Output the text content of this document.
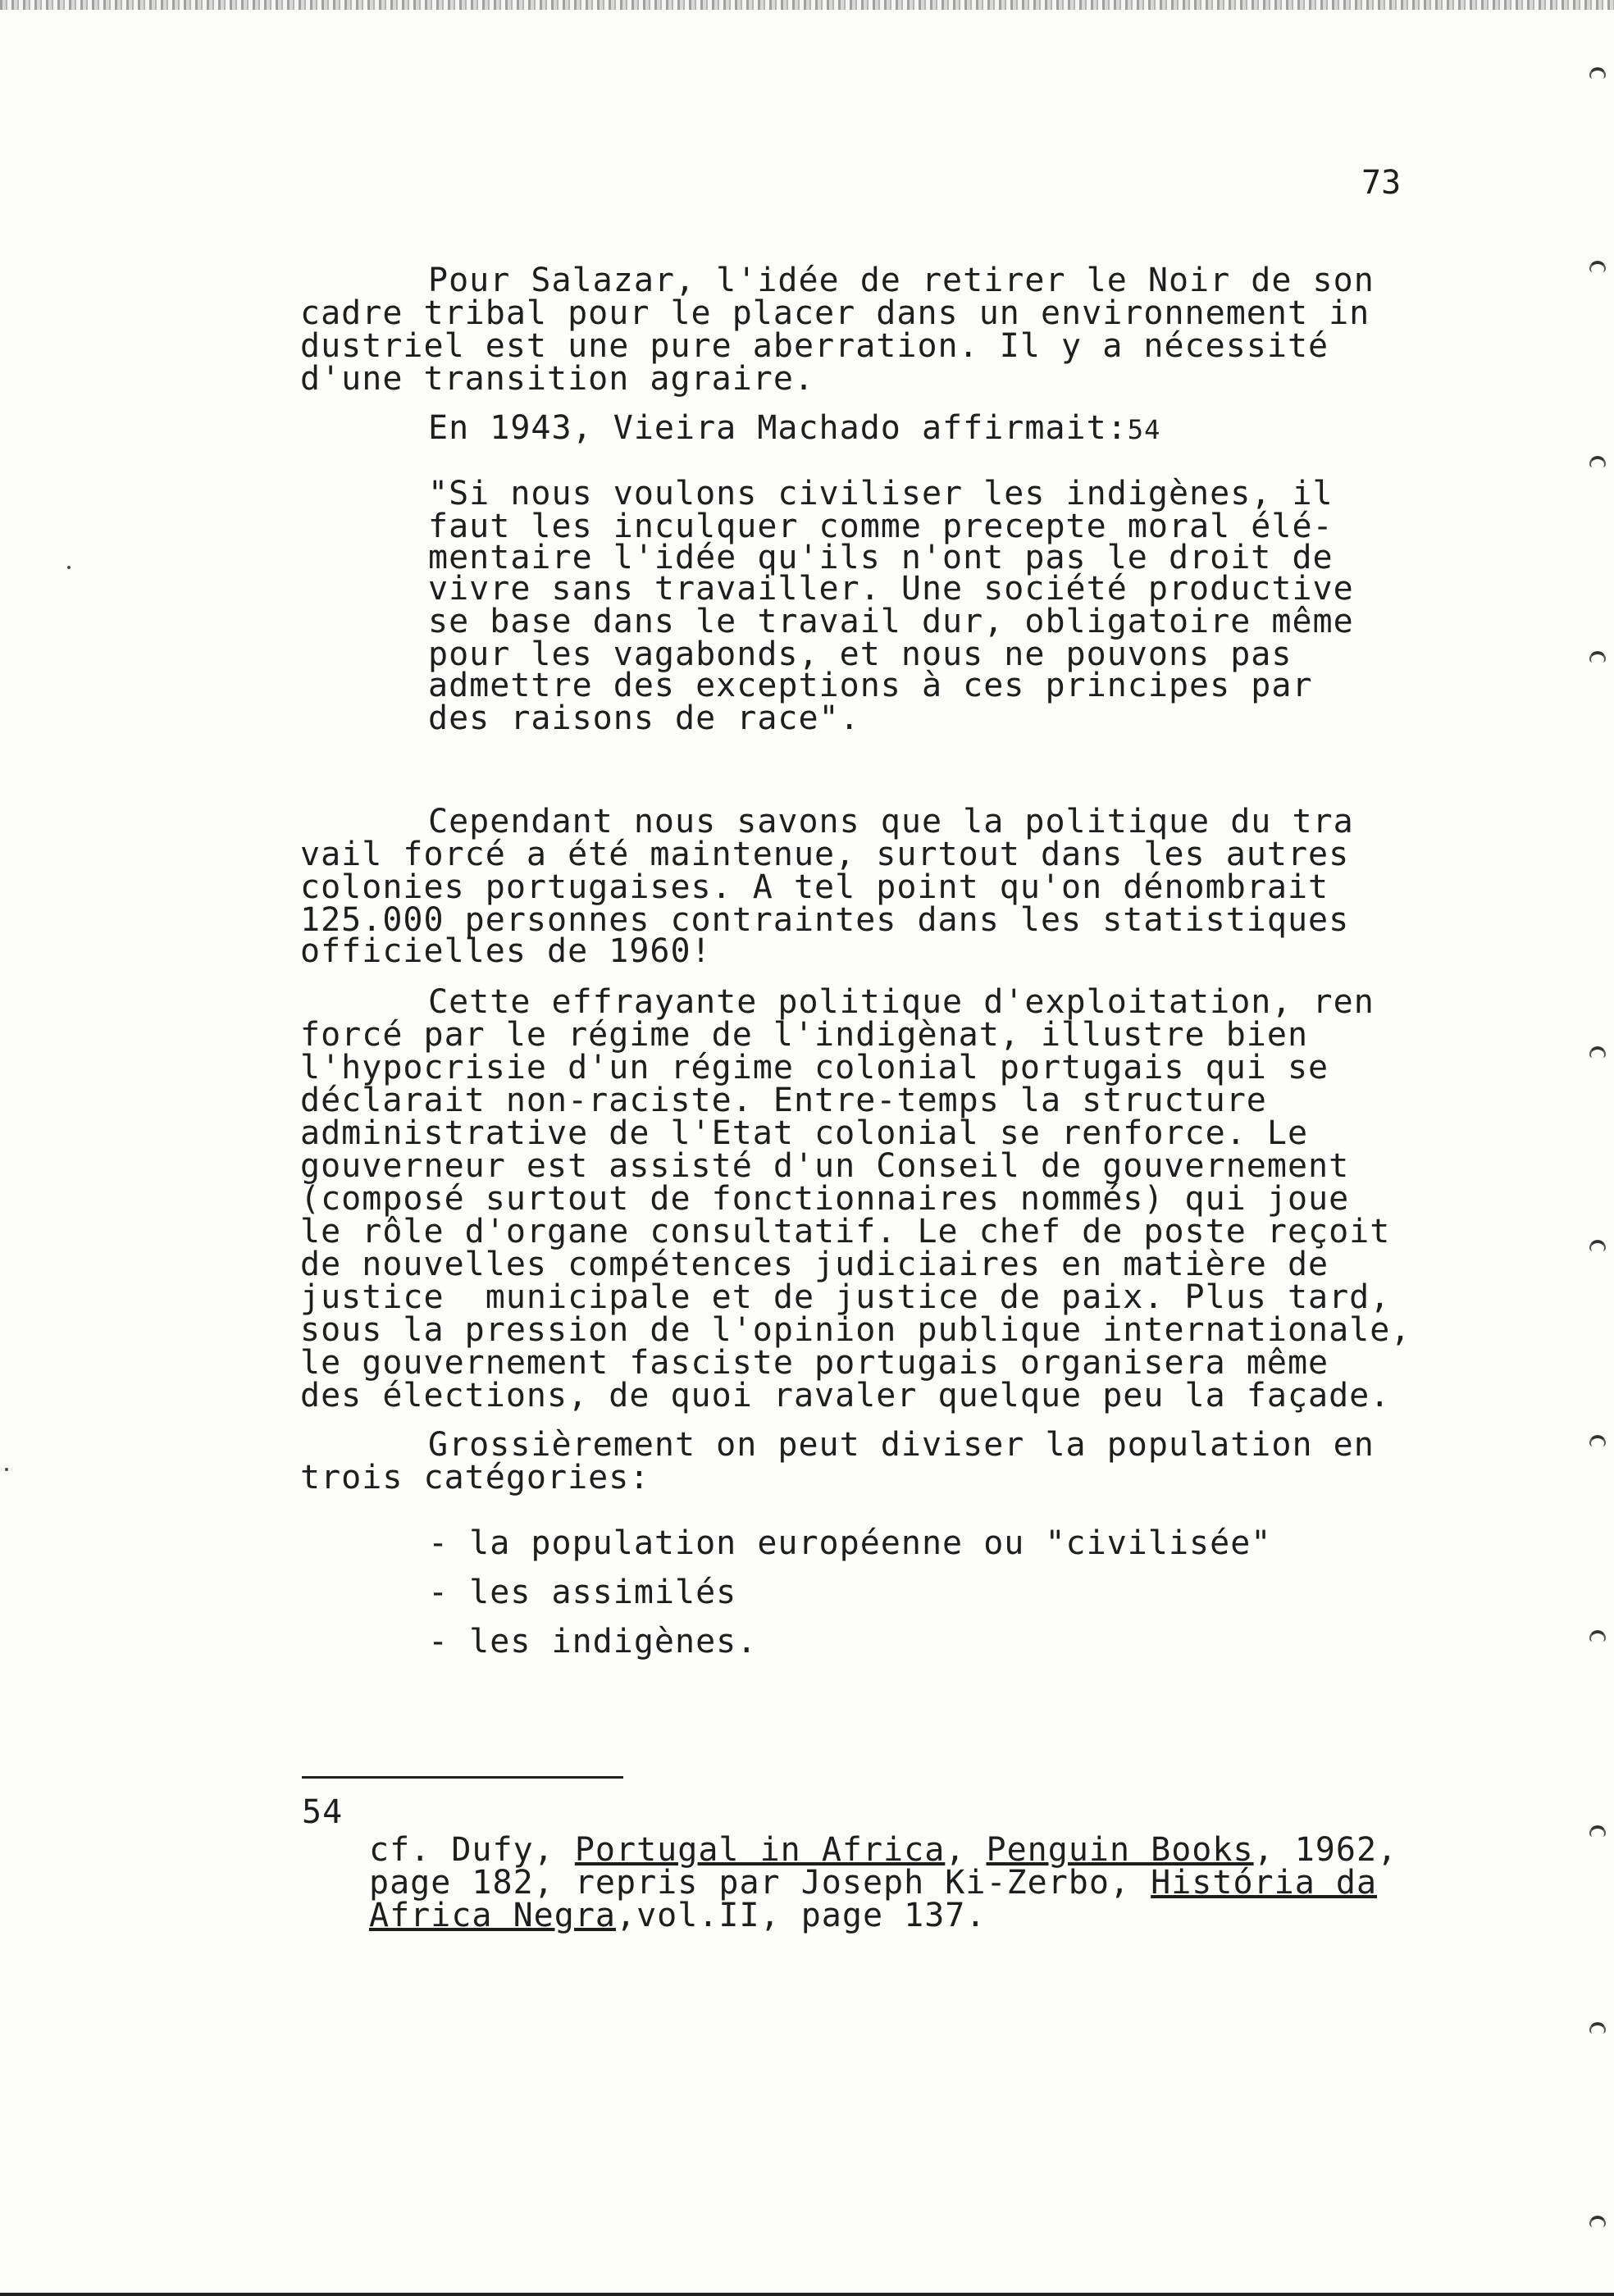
73
Pour Salazar, l'idée de retirer le Noir de son
cadre tribal pour le placer dans un environnement in
dustriel est une pure aberration. Il y a nécessité
d'une transition agraire.
En 1943, Vieira Machado affirmait:54
"Si nous voulons civiliser les indigènes, il
faut les inculquer comme precepte moral élé-
mentaire l'idée qu'ils n'ont pas le droit de
vivre sans travailler. Une société productive
se base dans le travail dur, obligatoire même
pour les vagabonds, et nous ne pouvons pas
admettre des exceptions à ces principes par
des raisons de race".
Cependant nous savons que la politique du tra
vail forcé a été maintenue, surtout dans les autres
colonies portugaises. A tel point qu'on dénombrait
125.000 personnes contraintes dans les statistiques
officielles de 1960!
Cette effrayante politique d'exploitation, ren
forcé par le régime de l'indigènat, illustre bien
l'hypocrisie d'un régime colonial portugais qui se
déclarait non-raciste. Entre-temps la structure
administrative de l'Etat colonial se renforce. Le
gouverneur est assisté d'un Conseil de gouvernement
(composé surtout de fonctionnaires nommés) qui joue
le rôle d'organe consultatif. Le chef de poste reçoit
de nouvelles compétences judiciaires en matière de
justice  municipale et de justice de paix. Plus tard,
sous la pression de l'opinion publique internationale,
le gouvernement fasciste portugais organisera même
des élections, de quoi ravaler quelque peu la façade.
Grossièrement on peut diviser la population en
trois catégories:
- la population européenne ou "civilisée"
- les assimilés
- les indigènes.
54
cf. Dufy, Portugal in Africa, Penguin Books, 1962,
page 182, repris par Joseph Ki-Zerbo, História da
Africa Negra,vol.II, page 137.
